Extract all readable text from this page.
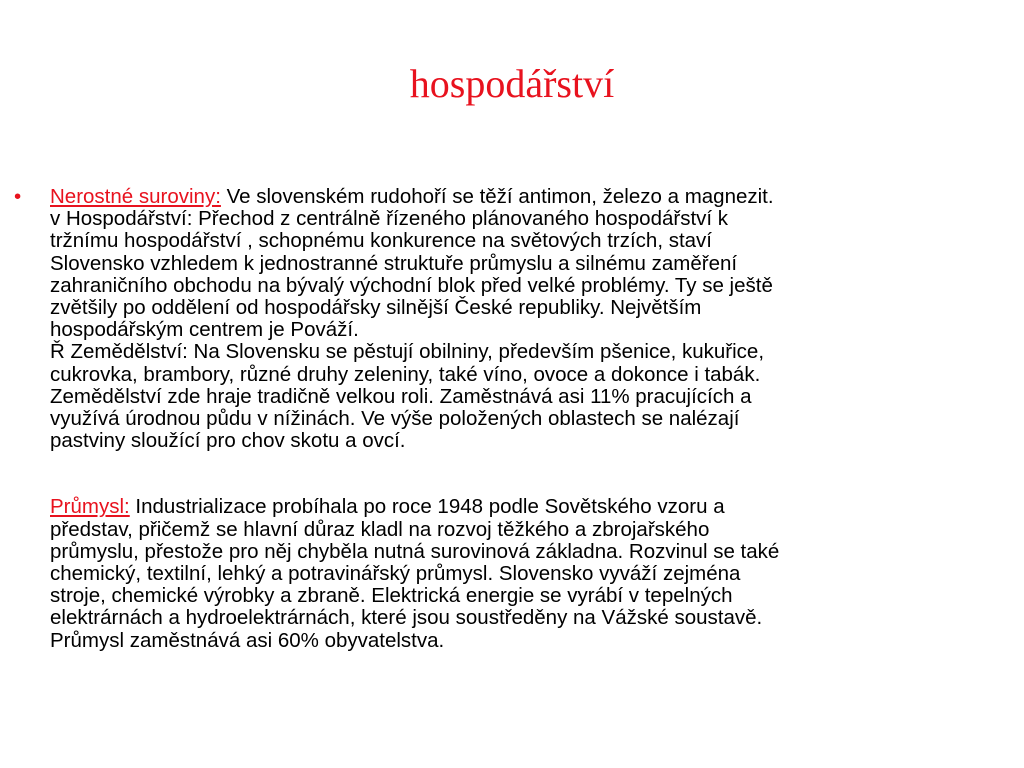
hospodářství
• Nerostné suroviny: Ve slovenském rudohoří se těží antimon, železo a magnezit.
v Hospodářství: Přechod z centrálně řízeného plánovaného hospodářství k
tržnímu hospodářství , schopnému konkurence na světových trzích, staví
Slovensko vzhledem k jednostranné struktuře průmyslu a silnému zaměření
zahraničního obchodu na bývalý východní blok před velké problémy. Ty se ještě
zvětšily po oddělení od hospodářsky silnější České republiky. Největším
hospodářským centrem je Pováží.
Ř Zemědělství: Na Slovensku se pěstují obilniny, především pšenice, kukuřice,
cukrovka, brambory, různé druhy zeleniny, také víno, ovoce a dokonce i tabák.
Zemědělství zde hraje tradičně velkou roli. Zaměstnává asi 11% pracujících a
využívá úrodnou půdu v nížinách. Ve výše položených oblastech se nalézají
pastviny sloužící pro chov skotu a ovcí.
Průmysl: Industrializace probíhala po roce 1948 podle Sovětského vzoru a
představ, přičemž se hlavní důraz kladl na rozvoj těžkého a zbrojařského
průmyslu, přestože pro něj chyběla nutná surovinová základna. Rozvinul se také
chemický, textilní, lehký a potravinářský průmysl. Slovensko vyváží zejména
stroje, chemické výrobky a zbraně. Elektrická energie se vyrábí v tepelných
elektrárnách a hydroelektrárnách, které jsou soustředěny na Vážské soustavě.
Průmysl zaměstnává asi 60% obyvatelstva.
